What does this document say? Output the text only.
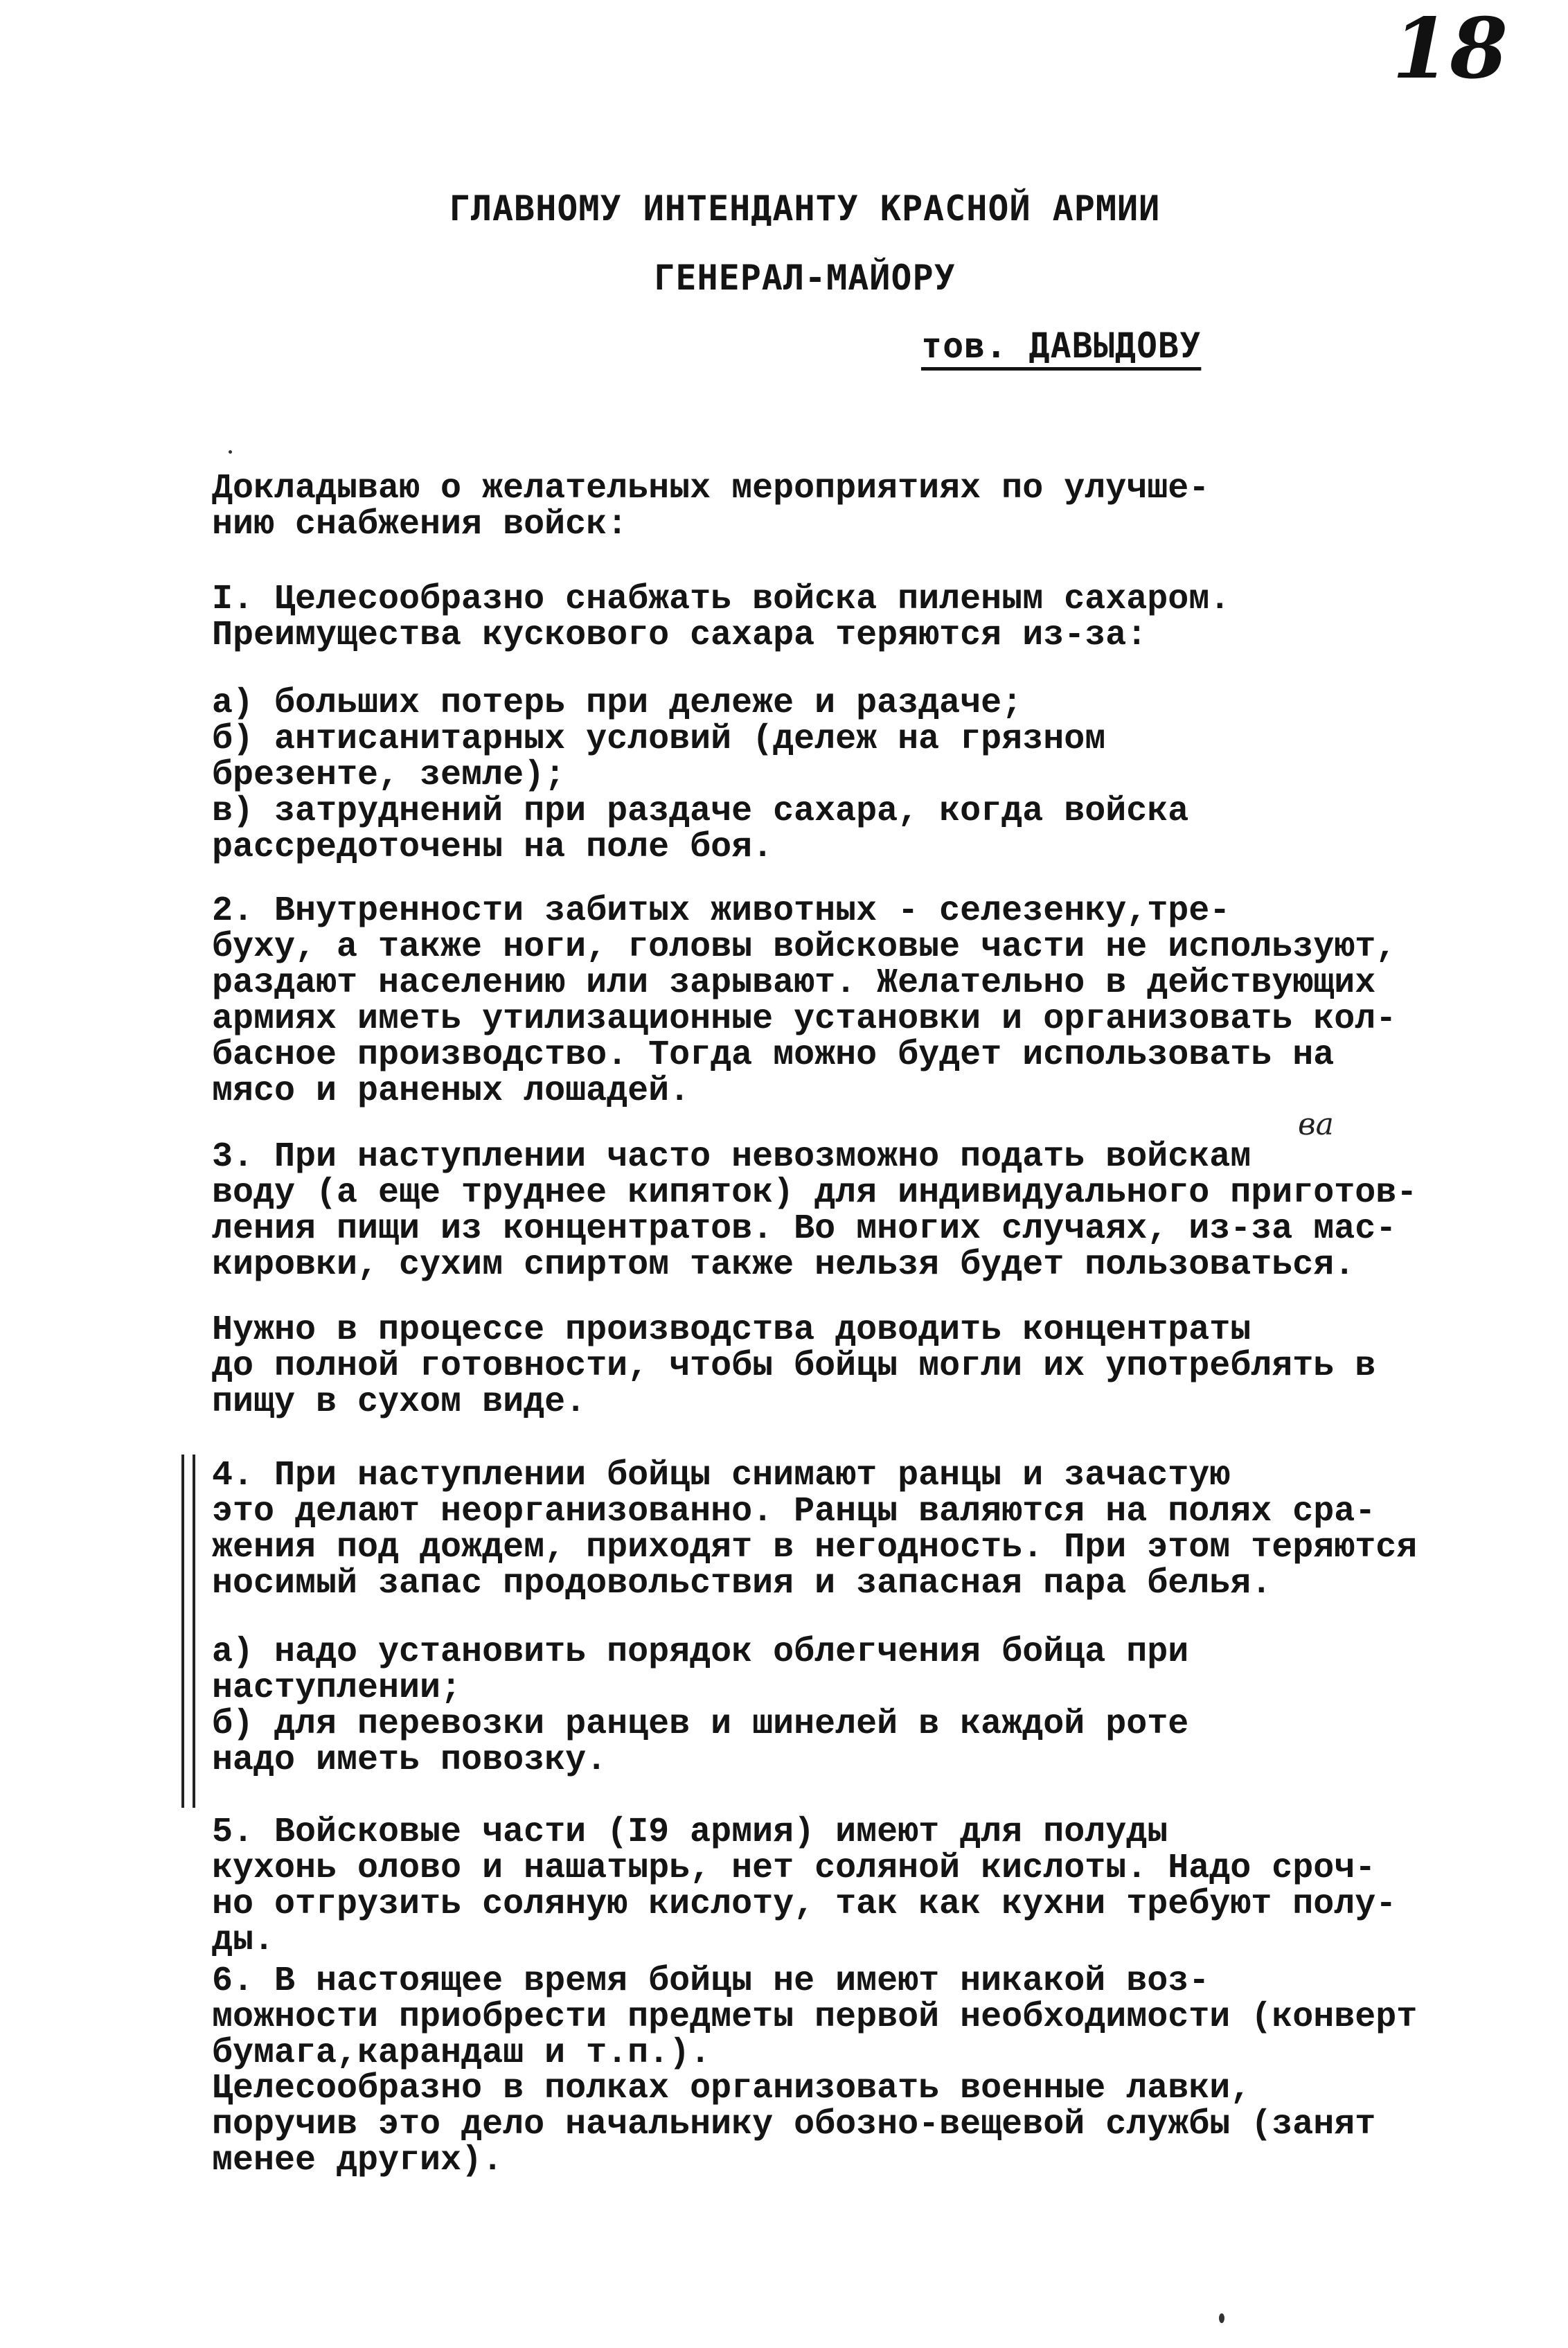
18
ГЛАВНОМУ ИНТЕНДАНТУ КРАСНОЙ АРМИИ
ГЕНЕРАЛ-МАЙОРУ
тов. ДАВЫДОВУ
Докладываю о желательных мероприятиях по улучше-
нию снабжения войск:
I. Целесообразно снабжать войска пиленым сахаром.
Преимущества кускового сахара теряются из-за:
а) больших потерь при дележе и раздаче;
б) антисанитарных условий (дележ на грязном
брезенте, земле);
в) затруднений при раздаче сахара, когда войска
рассредоточены на поле боя.
2. Внутренности забитых животных - селезенку,тре-
буху, а также ноги, головы войсковые части не используют,
раздают населению или зарывают. Желательно в действующих
армиях иметь утилизационные установки и организовать кол-
басное производство. Тогда можно будет использовать на
мясо и раненых лошадей.
ва
3. При наступлении часто невозможно подать войскам
воду (а еще труднее кипяток) для индивидуального приготов-
ления пищи из концентратов. Во многих случаях, из-за мас-
кировки, сухим спиртом также нельзя будет пользоваться.
Нужно в процессе производства доводить концентраты
до полной готовности, чтобы бойцы могли их употреблять в
пищу в сухом виде.
4. При наступлении бойцы снимают ранцы и зачастую
это делают неорганизованно. Ранцы валяются на полях сра-
жения под дождем, приходят в негодность. При этом теряются
носимый запас продовольствия и запасная пара белья.
а) надо установить порядок облегчения бойца при
наступлении;
б) для перевозки ранцев и шинелей в каждой роте
надо иметь повозку.
5. Войсковые части (I9 армия) имеют для полуды
кухонь олово и нашатырь, нет соляной кислоты. Надо сроч-
но отгрузить соляную кислоту, так как кухни требуют полу-
ды.
6. В настоящее время бойцы не имеют никакой воз-
можности приобрести предметы первой необходимости (конверт
бумага,карандаш и т.п.).
Целесообразно в полках организовать военные лавки,
поручив это дело начальнику обозно-вещевой службы (занят
менее других).
